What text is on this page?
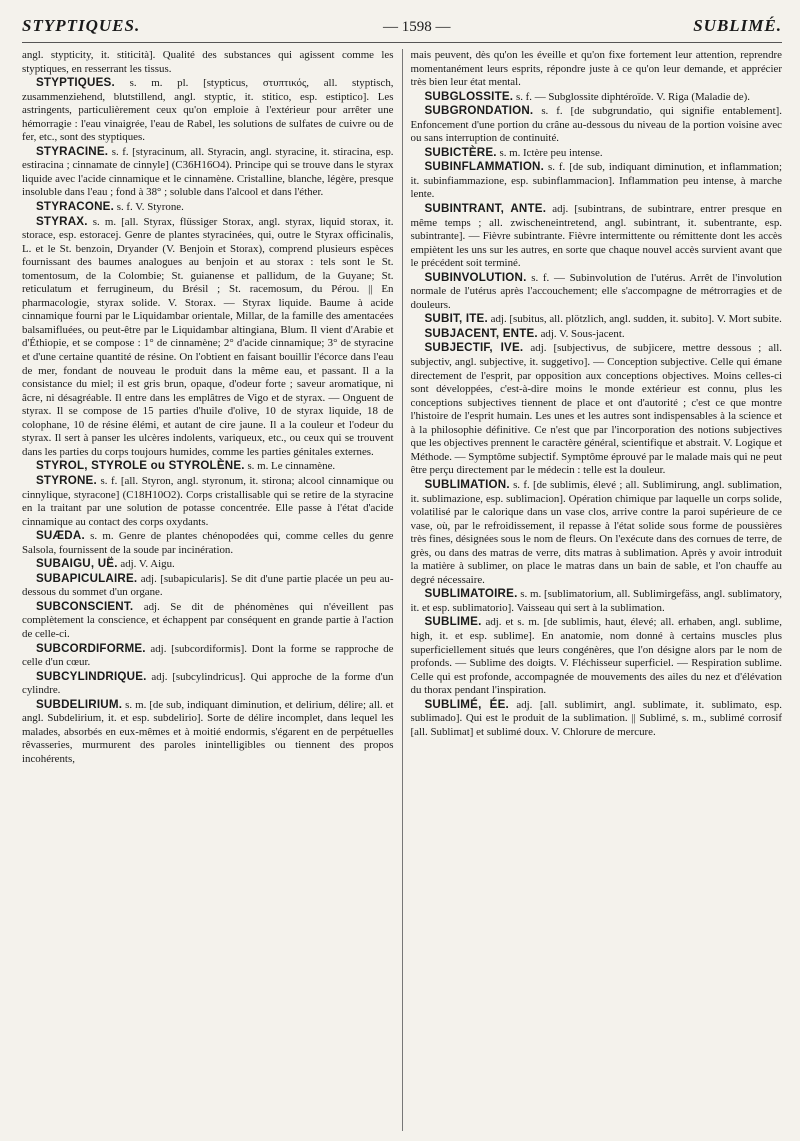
STYPTIQUES.	— 1598 —	SUBLIMÉ.

angl. stypticity, it. stiticità]. Qualité des substances qui agissent comme les styptiques, en resserrant les tissus.

STYPTIQUES. s. m. pl. [stypticus, στυπτικός, all. styptisch, zusammenziehend, blutstillend, angl. styptic, it. stitico, esp. estiptico]. Les astringents, particulièrement ceux qu'on emploie à l'extérieur pour arrêter une hémorragie : l'eau vinaigrée, l'eau de Rabel, les solutions de sulfates de cuivre ou de fer, etc., sont des styptiques.

STYRACINE. s. f. [styracinum, all. Styracin, angl. styracine, it. stiracina, esp. estiracina ; cinnamate de cinnyle] (C36H16O4). Principe qui se trouve dans le styrax liquide avec l'acide cinnamique et le cinnamène. Cristalline, blanche, légère, presque insoluble dans l'eau ; fond à 38° ; soluble dans l'alcool et dans l'éther.

STYRACONE. s. f. V. Styrone.

STYRAX. s. m. [all. Styrax, flüssiger Storax, angl. styrax, liquid storax, it. storace, esp. estoracej. Genre de plantes styracinées, qui, outre le Styrax officinalis, L. et le St. benzoin, Dryander (V. Benjoin et Storax), comprend plusieurs espèces fournissant des baumes analogues au benjoin et au storax : tels sont le St. tomentosum, de la Colombie; St. guianense et pallidum, de la Guyane; St. reticulatum et ferrugineum, du Brésil ; St. racemosum, du Pérou. || En pharmacologie, styrax solide. V. Storax. — Styrax liquide. Baume à acide cinnamique fourni par le Liquidambar orientale, Millar, de la famille des amentacées balsamifluées, ou peut-être par le Liquidambar altingiana, Blum. Il vient d'Arabie et d'Éthiopie, et se compose : 1° de cinnamène; 2° d'acide cinnamique; 3° de styracine et d'une certaine quantité de résine. On l'obtient en faisant bouillir l'écorce dans l'eau de mer, fondant de nouveau le produit dans la même eau, et passant. Il a la consistance du miel; il est gris brun, opaque, d'odeur forte ; saveur aromatique, ni âcre, ni désagréable. Il entre dans les emplâtres de Vigo et de styrax. — Onguent de styrax. Il se compose de 15 parties d'huile d'olive, 10 de styrax liquide, 18 de colophane, 10 de résine élémi, et autant de cire jaune. Il a la couleur et l'odeur du styrax. Il sert à panser les ulcères indolents, variqueux, etc., ou ceux qui se trouvent dans les parties du corps toujours humides, comme les parties génitales externes.

STYROL, STYROLE ou STYROLÈNE. s. m. Le cinnamène.

STYRONE. s. f. [all. Styron, angl. styronum, it. stirona; alcool cinnamique ou cinnylique, styracone] (C18H10O2). Corps cristallisable qui se retire de la styracine en la traitant par une solution de potasse concentrée. Elle passe à l'état d'acide cinnamique au contact des corps oxydants.

SUÆDA. s. m. Genre de plantes chénopodées qui, comme celles du genre Salsola, fournissent de la soude par incinération.

SUBAIGU, UË. adj. V. Aigu.

SUBAPICULAIRE. adj. [subapicularis]. Se dit d'une partie placée un peu au-dessous du sommet d'un organe.

SUBCONSCIENT. adj. Se dit de phénomènes qui n'éveillent pas complètement la conscience, et échappent par conséquent en grande partie à l'action de celle-ci.

SUBCORDIFORME. adj. [subcordiformis]. Dont la forme se rapproche de celle d'un cœur.

SUBCYLINDRIQUE. adj. [subcylindricus]. Qui approche de la forme d'un cylindre.

SUBDELIRIUM. s. m. [de sub, indiquant diminution, et delirium, délire; all. et angl. Subdelirium, it. et esp. subdelirio]. Sorte de délire incomplet, dans lequel les malades, absorbés en eux-mêmes et à moitié endormis, s'égarent en de perpétuelles rêvasseries, murmurent des paroles inintelligibles ou tiennent des propos incohérents,

mais peuvent, dès qu'on les éveille et qu'on fixe fortement leur attention, reprendre momentanément leurs esprits, répondre juste à ce qu'on leur demande, et apprécier très bien leur état mental.

SUBGLOSSITE. s. f. — Subglossite diphtéroïde. V. Riga (Maladie de).

SUBGRONDATION. s. f. [de subgrundatio, qui signifie entablement]. Enfoncement d'une portion du crâne au-dessous du niveau de la portion voisine avec ou sans interruption de continuité.

SUBICTÈRE. s. m. Ictère peu intense.

SUBINFLAMMATION. s. f. [de sub, indiquant diminution, et inflammation; it. subinfiammazione, esp. subinflammacion]. Inflammation peu intense, à marche lente.

SUBINTRANT, ANTE. adj. [subintrans, de subintrare, entrer presque en même temps ; all. zwischeneintretend, angl. subintrant, it. subentrante, esp. subintrante]. — Fièvre subintrante. Fièvre intermittente ou rémittente dont les accès empiètent les uns sur les autres, en sorte que chaque nouvel accès survient avant que le précédent soit terminé.

SUBINVOLUTION. s. f. — Subinvolution de l'utérus. Arrêt de l'involution normale de l'utérus après l'accouchement; elle s'accompagne de métrorragies et de douleurs.

SUBIT, ITE. adj. [subitus, all. plötzlich, angl. sudden, it. subito]. V. Mort subite.

SUBJACENT, ENTE. adj. V. Sous-jacent.

SUBJECTIF, IVE. adj. [subjectivus, de subjicere, mettre dessous ; all. subjectiv, angl. subjective, it. suggetivo]. — Conception subjective. Celle qui émane directement de l'esprit, par opposition aux conceptions objectives. Moins celles-ci sont développées, c'est-à-dire moins le monde extérieur est connu, plus les conceptions subjectives tiennent de place et ont d'autorité ; c'est ce que montre l'histoire de l'esprit humain. Les unes et les autres sont indispensables à la science et à la philosophie définitive. Ce n'est que par l'incorporation des notions subjectives que les objectives prennent le caractère général, scientifique et abstrait. V. Logique et Méthode. — Symptôme subjectif. Symptôme éprouvé par le malade mais qui ne peut être perçu directement par le médecin : telle est la douleur.

SUBLIMATION. s. f. [de sublimis, élevé ; all. Sublimirung, angl. sublimation, it. sublimazione, esp. sublimacion]. Opération chimique par laquelle un corps solide, volatilisé par le calorique dans un vase clos, arrive contre la paroi supérieure de ce vase, où, par le refroidissement, il repasse à l'état solide sous forme de poussières très fines, désignées sous le nom de fleurs. On l'exécute dans des cornues de terre, de grès, ou dans des matras de verre, dits matras à sublimation. Après y avoir introduit la matière à sublimer, on place le matras dans un bain de sable, et l'on chauffe au degré nécessaire.

SUBLIMATOIRE. s. m. [sublimatorium, all. Sublimirgefäss, angl. sublimatory, it. et esp. sublimatorio]. Vaisseau qui sert à la sublimation.

SUBLIME. adj. et s. m. [de sublimis, haut, élevé; all. erhaben, angl. sublime, high, it. et esp. sublime]. En anatomie, nom donné à certains muscles plus superficiellement situés que leurs congénères, que l'on désigne alors par le nom de profonds. — Sublime des doigts. V. Fléchisseur superficiel. — Respiration sublime. Celle qui est profonde, accompagnée de mouvements des ailes du nez et d'élévation du thorax pendant l'inspiration.

SUBLIMÉ, ÉE. adj. [all. sublimirt, angl. sublimate, it. sublimato, esp. sublimado]. Qui est le produit de la sublimation. || Sublimé, s. m., sublimé corrosif [all. Sublimat] et sublimé doux. V. Chlorure de mercure.
